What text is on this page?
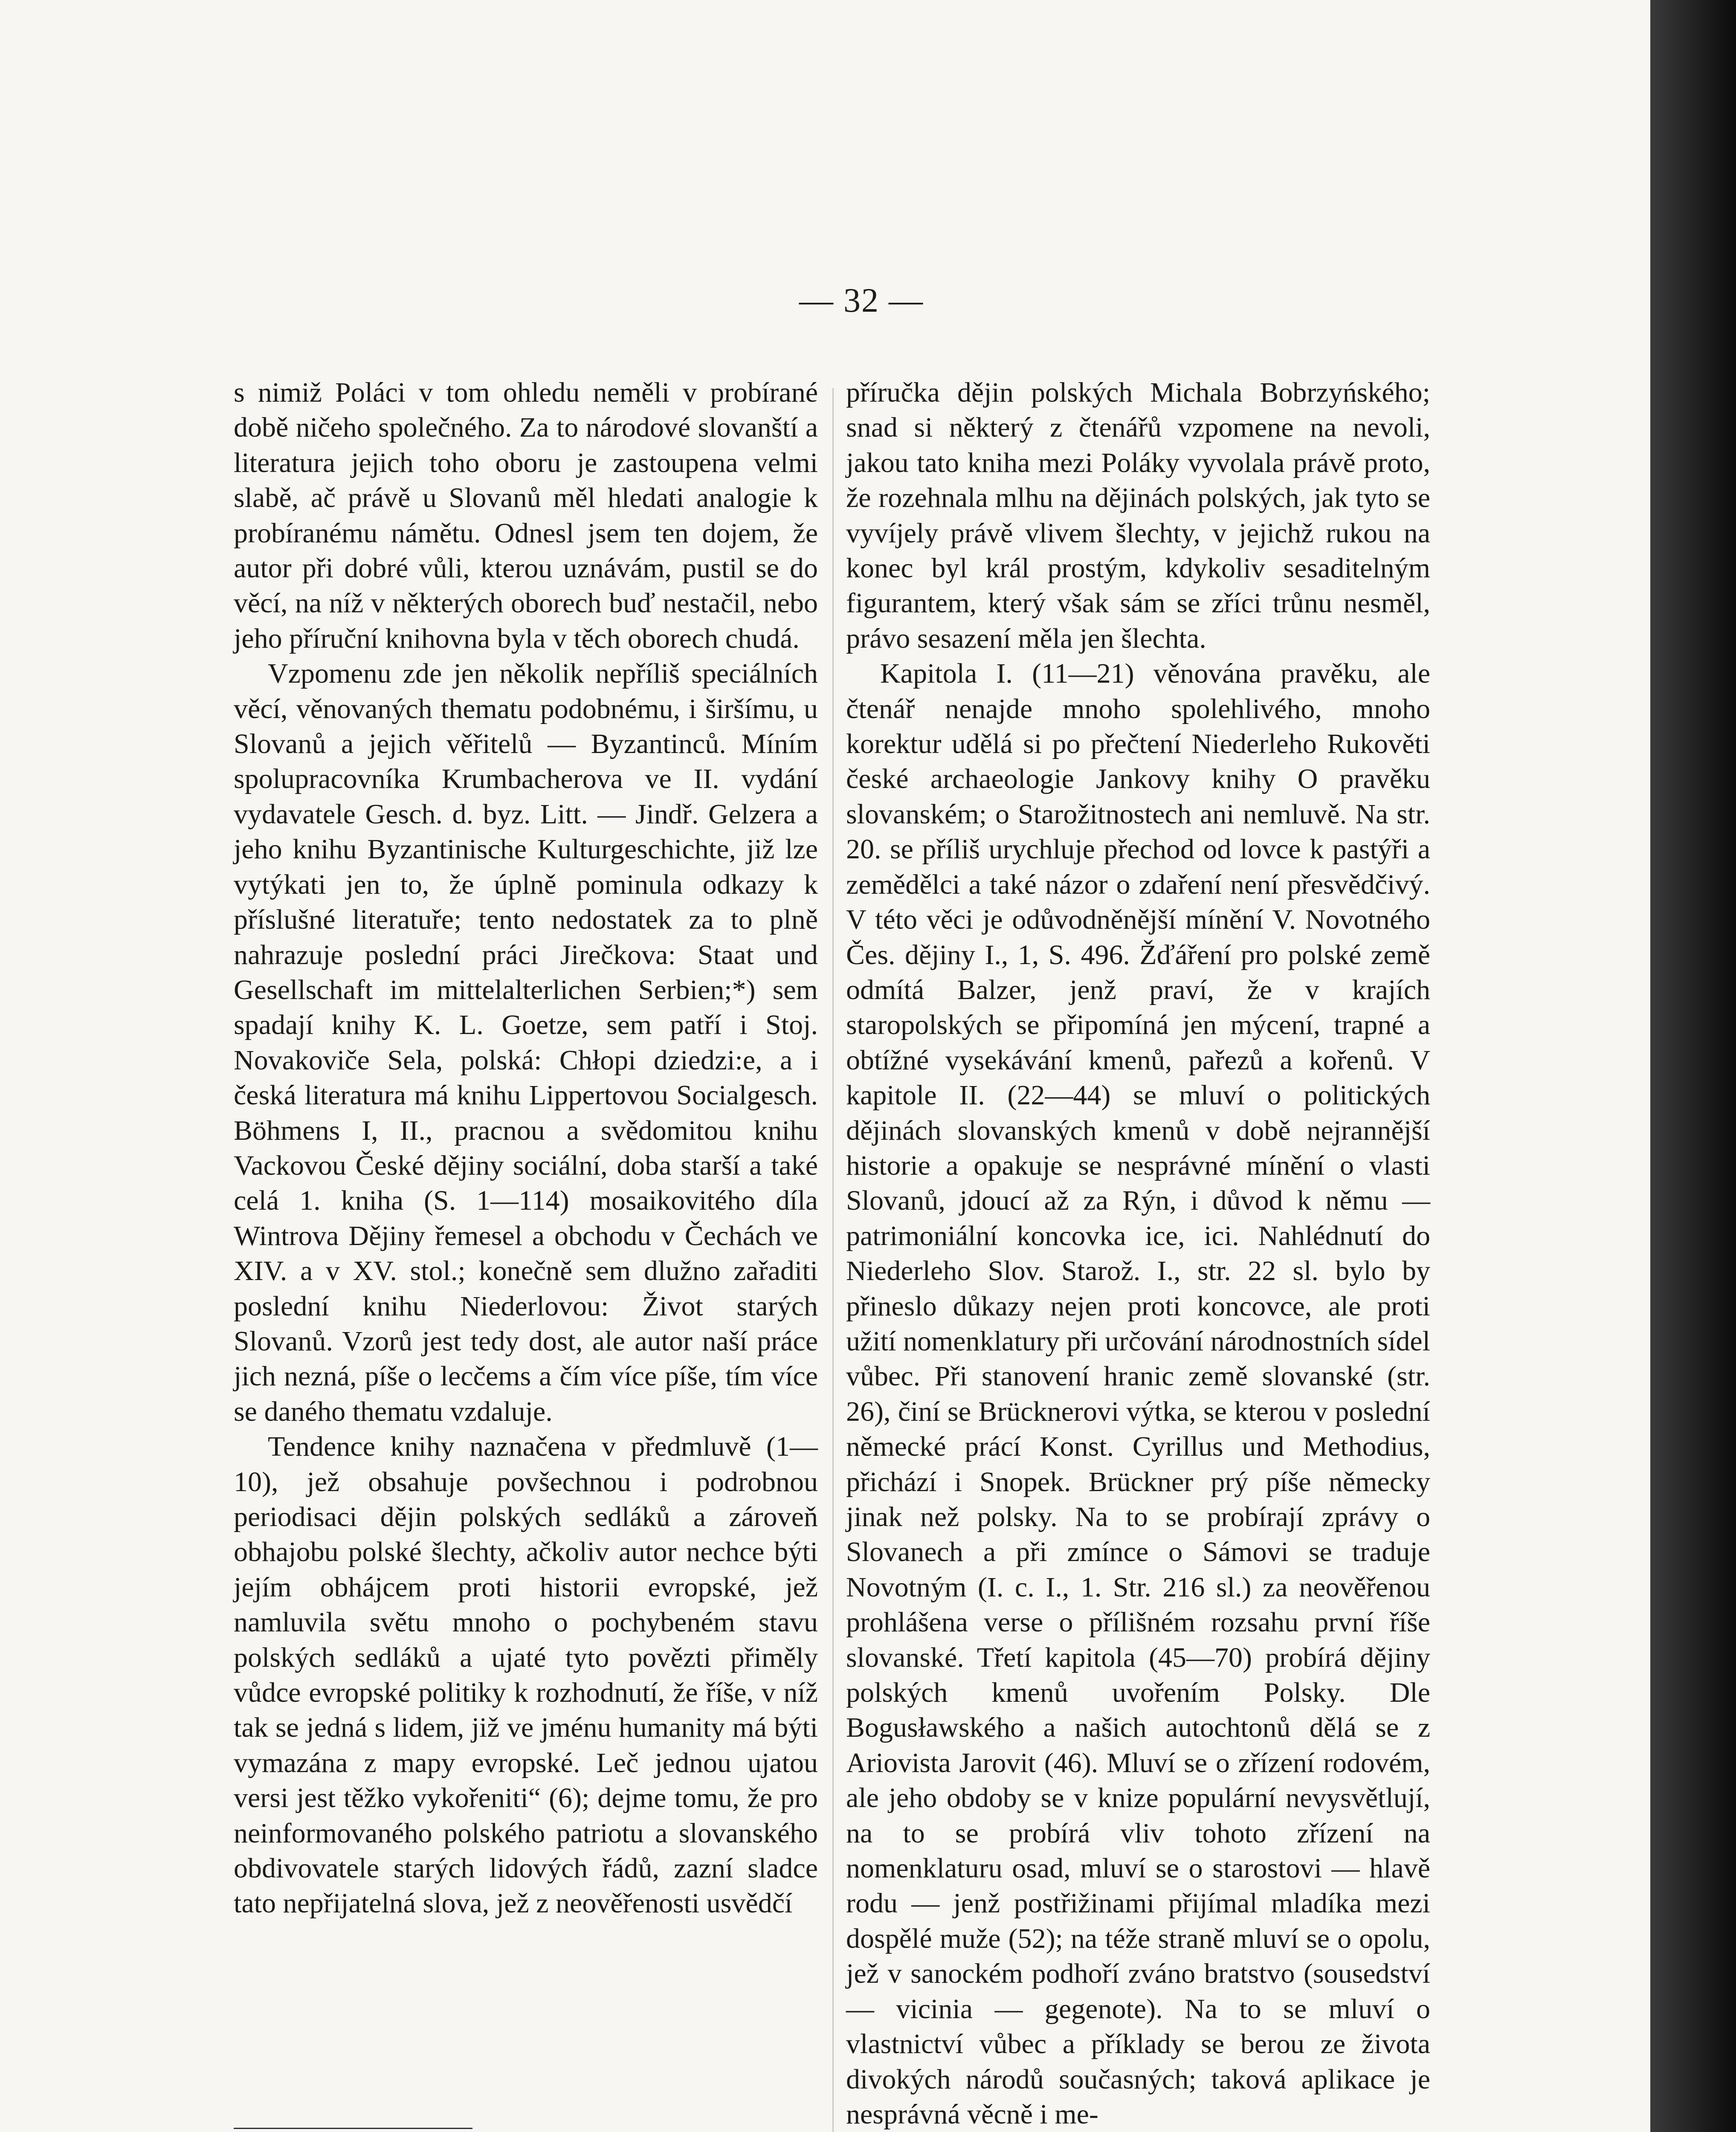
— 32 —

s nimiž Poláci v tom ohledu neměli v probírané době ničeho společného. Za to národové slovanští a literatura jejich toho oboru je zastoupena velmi slabě, ač právě u Slovanů měl hledati analogie k probíranému námětu. Odnesl jsem ten dojem, že autor při dobré vůli, kterou uznávám, pustil se do věcí, na níž v některých oborech buď nestačil, nebo jeho příruční knihovna byla v těch oborech chudá.

Vzpomenu zde jen několik nepříliš speciálních věcí, věnovaných thematu podobnému, i širšímu, u Slovanů a jejich věřitelů — Byzantinců. Míním spolupracovníka Krumbacherova ve II. vydání vydavatele Gesch. d. byz. Litt. — Jindř. Gelzera a jeho knihu Byzantinische Kulturgeschichte, již lze vytýkati jen to, že úplně pominula odkazy k příslušné literatuře; tento nedostatek za to plně nahrazuje poslední práci Jirečkova: Staat und Gesellschaft im mittelalterlichen Serbien;*) sem spadají knihy K. L. Goetze, sem patří i Stoj. Novakoviče Sela, polská: Chłopi dziedzi:e, a i česká literatura má knihu Lippertovou Socialgesch. Böhmens I, II., pracnou a svědomitou knihu Vackovou České dějiny sociální, doba starší a také celá 1. kniha (S. 1—114) mosaikovitého díla Wintrova Dějiny řemesel a obchodu v Čechách ve XIV. a v XV. stol.; konečně sem dlužno zařaditi poslední knihu Niederlovou: Život starých Slovanů. Vzorů jest tedy dost, ale autor naší práce jich nezná, píše o lecčems a čím více píše, tím více se daného thematu vzdaluje.

Tendence knihy naznačena v předmluvě (1—10), jež obsahuje povšechnou i podrobnou periodisaci dějin polských sedláků a zároveň obhajobu polské šlechty, ačkoliv autor nechce býti jejím obhájcem proti historii evropské, jež namluvila světu mnoho o pochybeném stavu polských sedláků a ujaté tyto povězti přiměly vůdce evropské politiky k rozhodnutí, že říše, v níž tak se jedná s lidem, již ve jménu humanity má býti vymazána z mapy evropské. Leč jednou ujatou versi jest těžko vykořeniti“ (6); dejme tomu, že pro neinformovaného polského patriotu a slovanského obdivovatele starých lidových řádů, zazní sladce tato nepřijatelná slova, jež z neověřenosti usvědčí

příručka dějin polských Michala Bobrzyńského; snad si některý z čtenářů vzpomene na nevoli, jakou tato kniha mezi Poláky vyvolala právě proto, že rozehnala mlhu na dějinách polských, jak tyto se vyvíjely právě vlivem šlechty, v jejichž rukou na konec byl král prostým, kdykoliv sesaditelným figurantem, který však sám se zříci trůnu nesměl, právo sesazení měla jen šlechta.

Kapitola I. (11—21) věnována pravěku, ale čtenář nenajde mnoho spolehlivého, mnoho korektur udělá si po přečtení Niederleho Rukověti české archaeologie Jankovy knihy O pravěku slovanském; o Starožitnostech ani nemluvě. Na str. 20. se příliš urychluje přechod od lovce k pastýři a zemědělci a také názor o zdaření není přesvědčivý. V této věci je odůvodněnější mínění V. Novotného Čes. dějiny I., 1, S. 496. Žďáření pro polské země odmítá Balzer, jenž praví, že v krajích staropolských se připomíná jen mýcení, trapné a obtížné vysekávání kmenů, pařezů a kořenů. V kapitole II. (22—44) se mluví o politických dějinách slovanských kmenů v době nejrannější historie a opakuje se nesprávné mínění o vlasti Slovanů, jdoucí až za Rýn, i důvod k němu — patrimoniální koncovka ice, ici. Nahlédnutí do Niederleho Slov. Starož. I., str. 22 sl. bylo by přineslo důkazy nejen proti koncovce, ale proti užití nomenklatury při určování národnostních sídel vůbec. Při stanovení hranic země slovanské (str. 26), činí se Brücknerovi výtka, se kterou v poslední německé prácí Konst. Cyrillus und Methodius, přichází i Snopek. Brückner prý píše německy jinak než polsky. Na to se probírají zprávy o Slovanech a při zmínce o Sámovi se traduje Novotným (I. c. I., 1. Str. 216 sl.) za neověřenou prohlášena verse o přílišném rozsahu první říše slovanské. Třetí kapitola (45—70) probírá dějiny polských kmenů uvořením Polsky. Dle Bogusławského a našich autochtonů dělá se z Ariovista Jarovit (46). Mluví se o zřízení rodovém, ale jeho obdoby se v knize populární nevysvětlují, na to se probírá vliv tohoto zřízení na nomenklaturu osad, mluví se o starostovi — hlavě rodu — jenž postřižinami přijímal mladíka mezi dospělé muže (52); na téže straně mluví se o opolu, jež v sanockém podhoří zváno bratstvo (sousedství — vicinia — gegenote). Na to se mluví o vlastnictví vůbec a příklady se berou ze života divokých národů současných; taková aplikace je nesprávná věcně i me-
